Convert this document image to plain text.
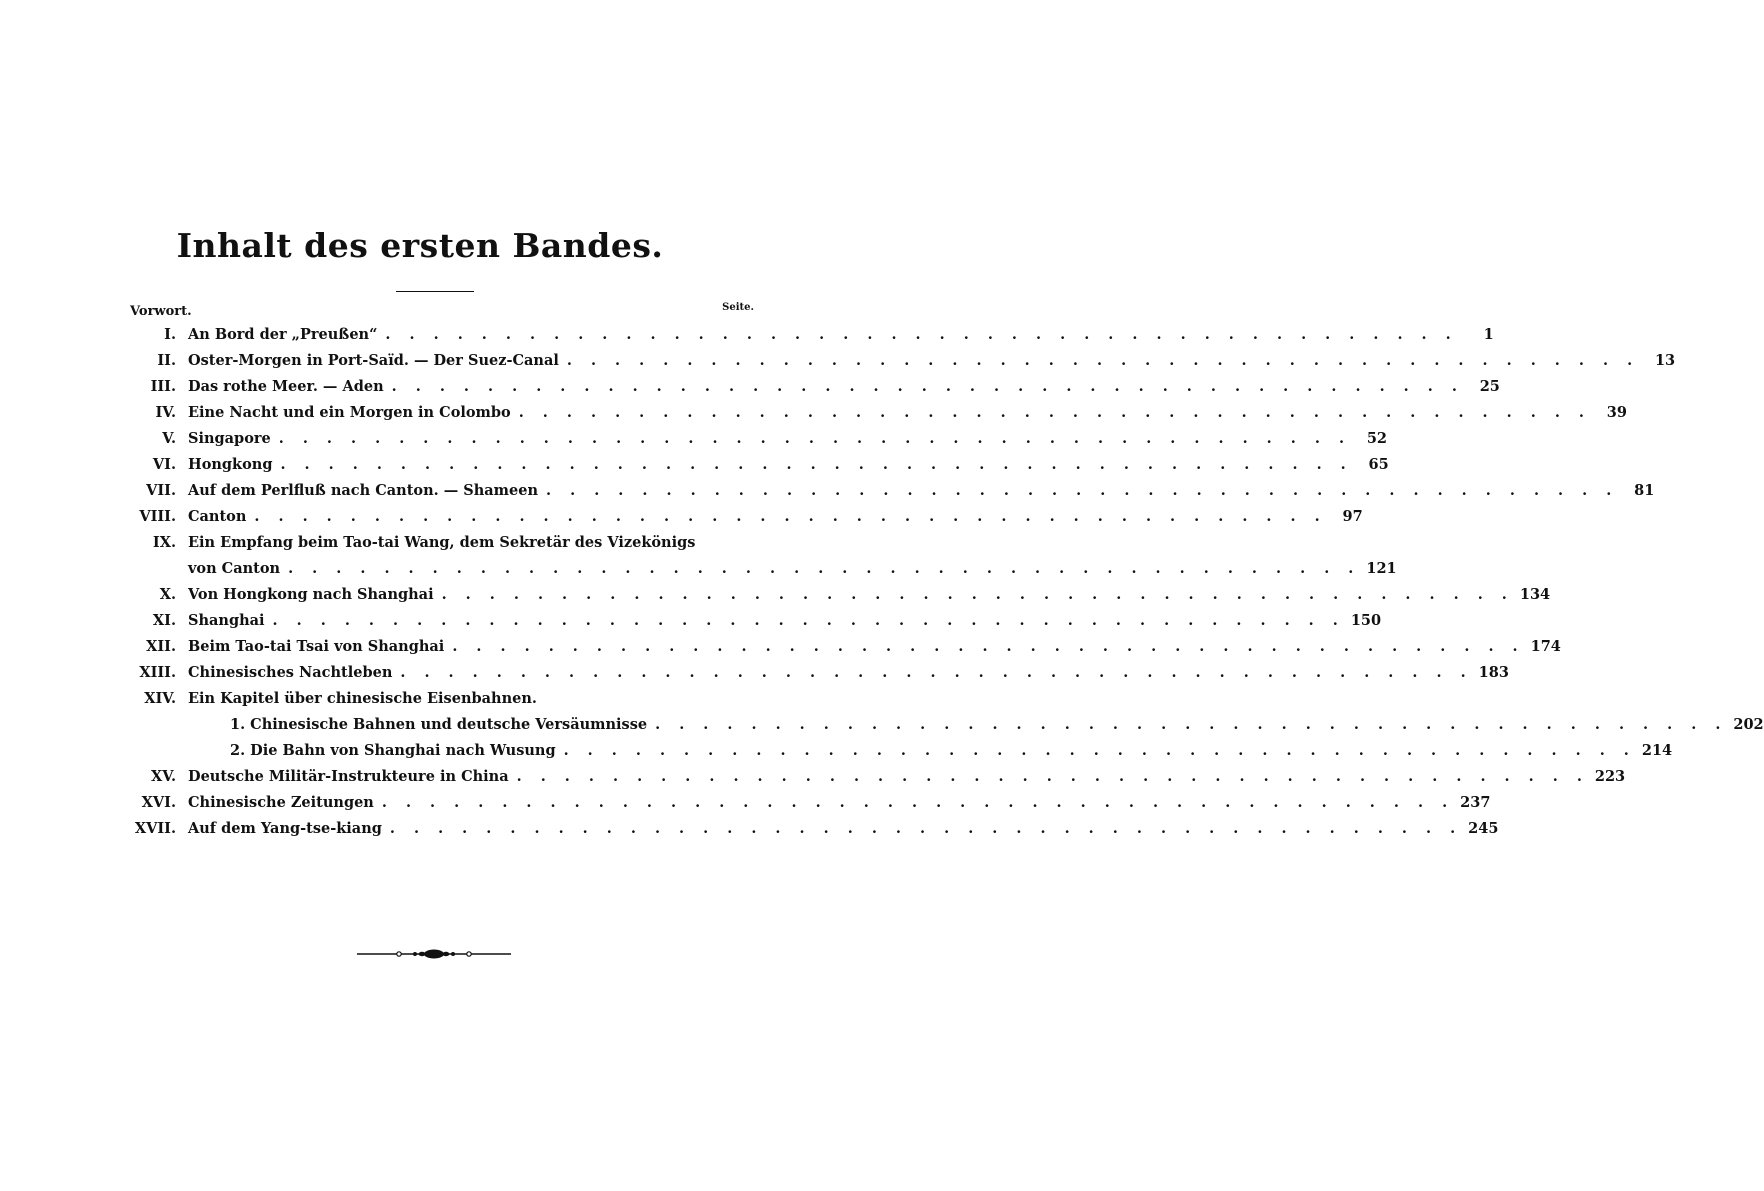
Inhalt des ersten Bandes.
Vorwort.	Seite.
I. An Bord der „Preußen“ . . . . . . . . . . . . . . . . . . . . . . . . . . . . . . . . . . . . . . . . . . . . .	1
II. Oster-Morgen in Port-Saïd. — Der Suez-Canal . . . . . . . . . . . . . . . . . . . . . . . . . . . . . . . . . . . . . . . . . . . . .	13
III. Das rothe Meer. — Aden . . . . . . . . . . . . . . . . . . . . . . . . . . . . . . . . . . . . . . . . . . . . .	25
IV. Eine Nacht und ein Morgen in Colombo . . . . . . . . . . . . . . . . . . . . . . . . . . . . . . . . . . . . . . . . . . . . .	39
V. Singapore . . . . . . . . . . . . . . . . . . . . . . . . . . . . . . . . . . . . . . . . . . . . .	52
VI. Hongkong . . . . . . . . . . . . . . . . . . . . . . . . . . . . . . . . . . . . . . . . . . . . .	65
VII. Auf dem Perlfluß nach Canton. — Shameen . . . . . . . . . . . . . . . . . . . . . . . . . . . . . . . . . . . . . . . . . . . . .	81
VIII. Canton . . . . . . . . . . . . . . . . . . . . . . . . . . . . . . . . . . . . . . . . . . . . .	97
IX. Ein Empfang beim Tao-tai Wang, dem Sekretär des Vizekönigs
von Canton . . . . . . . . . . . . . . . . . . . . . . . . . . . . . . . . . . . . . . . . . . . . . 121
X. Von Hongkong nach Shanghai . . . . . . . . . . . . . . . . . . . . . . . . . . . . . . . . . . . . . . . . . . . . . 134
XI. Shanghai . . . . . . . . . . . . . . . . . . . . . . . . . . . . . . . . . . . . . . . . . . . . . 150
XII. Beim Tao-tai Tsai von Shanghai . . . . . . . . . . . . . . . . . . . . . . . . . . . . . . . . . . . . . . . . . . . . . 174
XIII. Chinesisches Nachtleben . . . . . . . . . . . . . . . . . . . . . . . . . . . . . . . . . . . . . . . . . . . . . 183
XIV. Ein Kapitel über chinesische Eisenbahnen.
1. Chinesische Bahnen und deutsche Versäumnisse . . . . . . . . . . . . . . . . . . . . . . . . . . . . . . . . . . . . . . . . . . . . . 202
2. Die Bahn von Shanghai nach Wusung . . . . . . . . . . . . . . . . . . . . . . . . . . . . . . . . . . . . . . . . . . . . . 214
XV. Deutsche Militär-Instrukteure in China . . . . . . . . . . . . . . . . . . . . . . . . . . . . . . . . . . . . . . . . . . . . . 223
XVI. Chinesische Zeitungen . . . . . . . . . . . . . . . . . . . . . . . . . . . . . . . . . . . . . . . . . . . . . 237
XVII. Auf dem Yang-tse-kiang . . . . . . . . . . . . . . . . . . . . . . . . . . . . . . . . . . . . . . . . . . . . . 245
